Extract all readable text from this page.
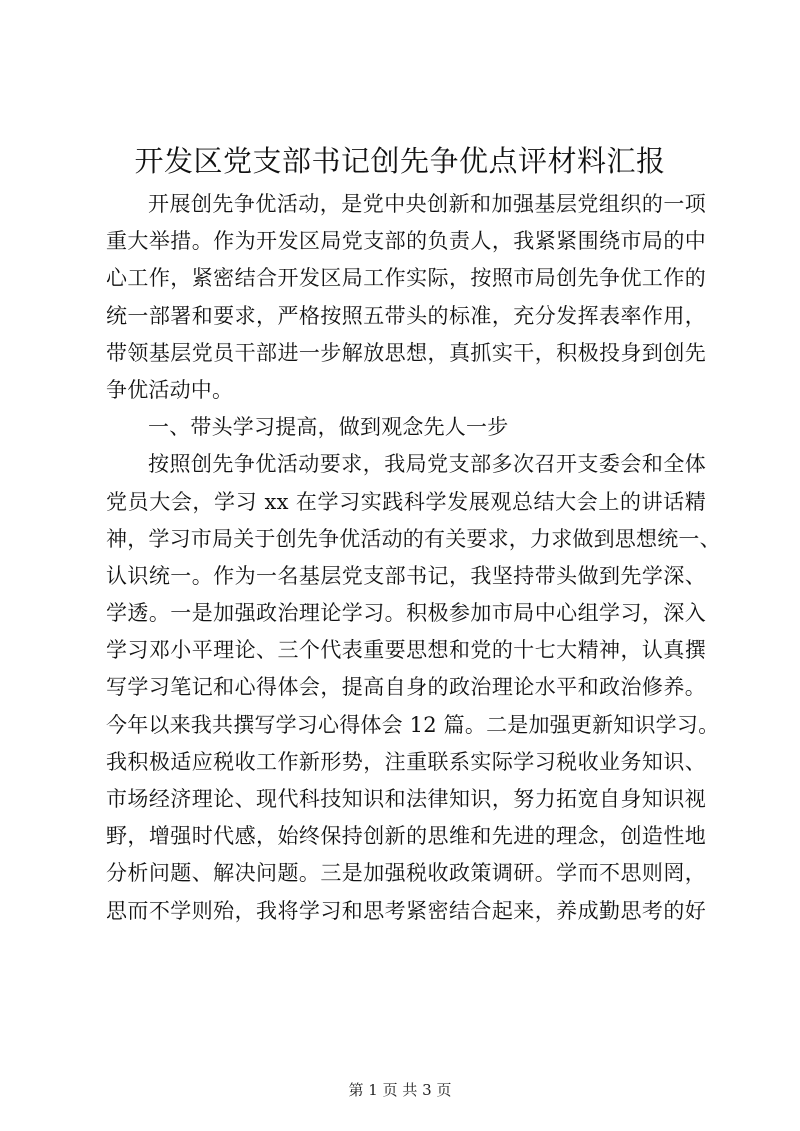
开发区党支部书记创先争优点评材料汇报
开展创先争优活动，是党中央创新和加强基层党组织的一项
重大举措。作为开发区局党支部的负责人，我紧紧围绕市局的中
心工作，紧密结合开发区局工作实际，按照市局创先争优工作的
统一部署和要求，严格按照五带头的标准，充分发挥表率作用，
带领基层党员干部进一步解放思想，真抓实干，积极投身到创先
争优活动中。
一、带头学习提高，做到观念先人一步
按照创先争优活动要求，我局党支部多次召开支委会和全体
党员大会，学习 xx 在学习实践科学发展观总结大会上的讲话精
神，学习市局关于创先争优活动的有关要求，力求做到思想统一、
认识统一。作为一名基层党支部书记，我坚持带头做到先学深、
学透。一是加强政治理论学习。积极参加市局中心组学习，深入
学习邓小平理论、三个代表重要思想和党的十七大精神，认真撰
写学习笔记和心得体会，提高自身的政治理论水平和政治修养。
今年以来我共撰写学习心得体会 12 篇。二是加强更新知识学习。
我积极适应税收工作新形势，注重联系实际学习税收业务知识、
市场经济理论、现代科技知识和法律知识，努力拓宽自身知识视
野，增强时代感，始终保持创新的思维和先进的理念，创造性地
分析问题、解决问题。三是加强税收政策调研。学而不思则罔，
思而不学则殆，我将学习和思考紧密结合起来，养成勤思考的好
第 1 页 共 3 页
